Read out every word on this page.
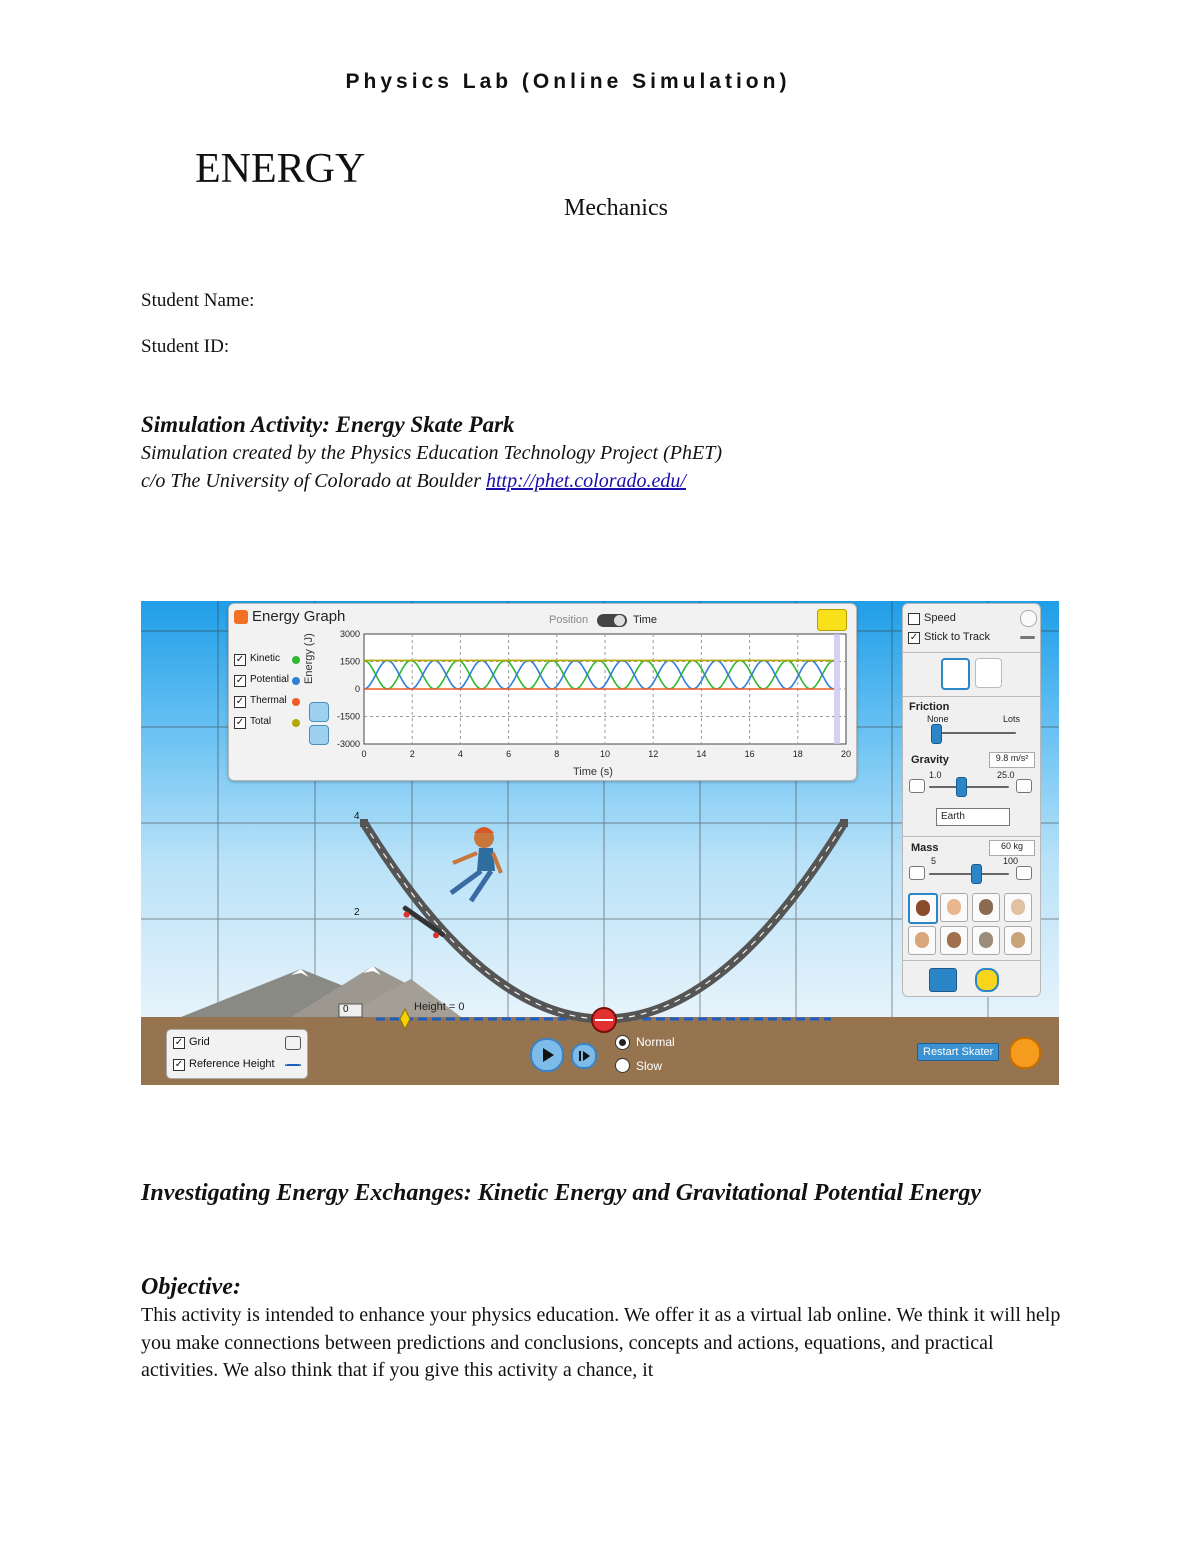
Physics Lab (Online Simulation)
ENERGY
Mechanics
Student Name:
Student ID:
Simulation Activity: Energy Skate Park
Simulation created by the Physics Education Technology Project (PhET)
c/o The University of Colorado at Boulder http://phet.colorado.edu/
4
2
0	Height = 0
Energy Graph	Position	Time
✓ Kinetic
✓ Potential
✓ Thermal
✓ Total
Energy (J)
0	2	4	6	8	10	12	14	16	18	20
3000
1500
0
-1500
-3000
Time (s)
Speed
✓ Stick to Track
Friction
None	Lots
Gravity	9.8 m/s²
1.0	25.0
Earth
Mass	60 kg
5	100
✓ Grid
✓ Reference Height
Normal
Slow
Restart Skater
Investigating Energy Exchanges: Kinetic Energy and Gravitational Potential Energy
Objective:
This activity is intended to enhance your physics education. We offer it as a virtual lab online. We think it will help you make connections between predictions and conclusions, concepts and actions, equations, and practical activities. We also think that if you give this activity a chance, it
